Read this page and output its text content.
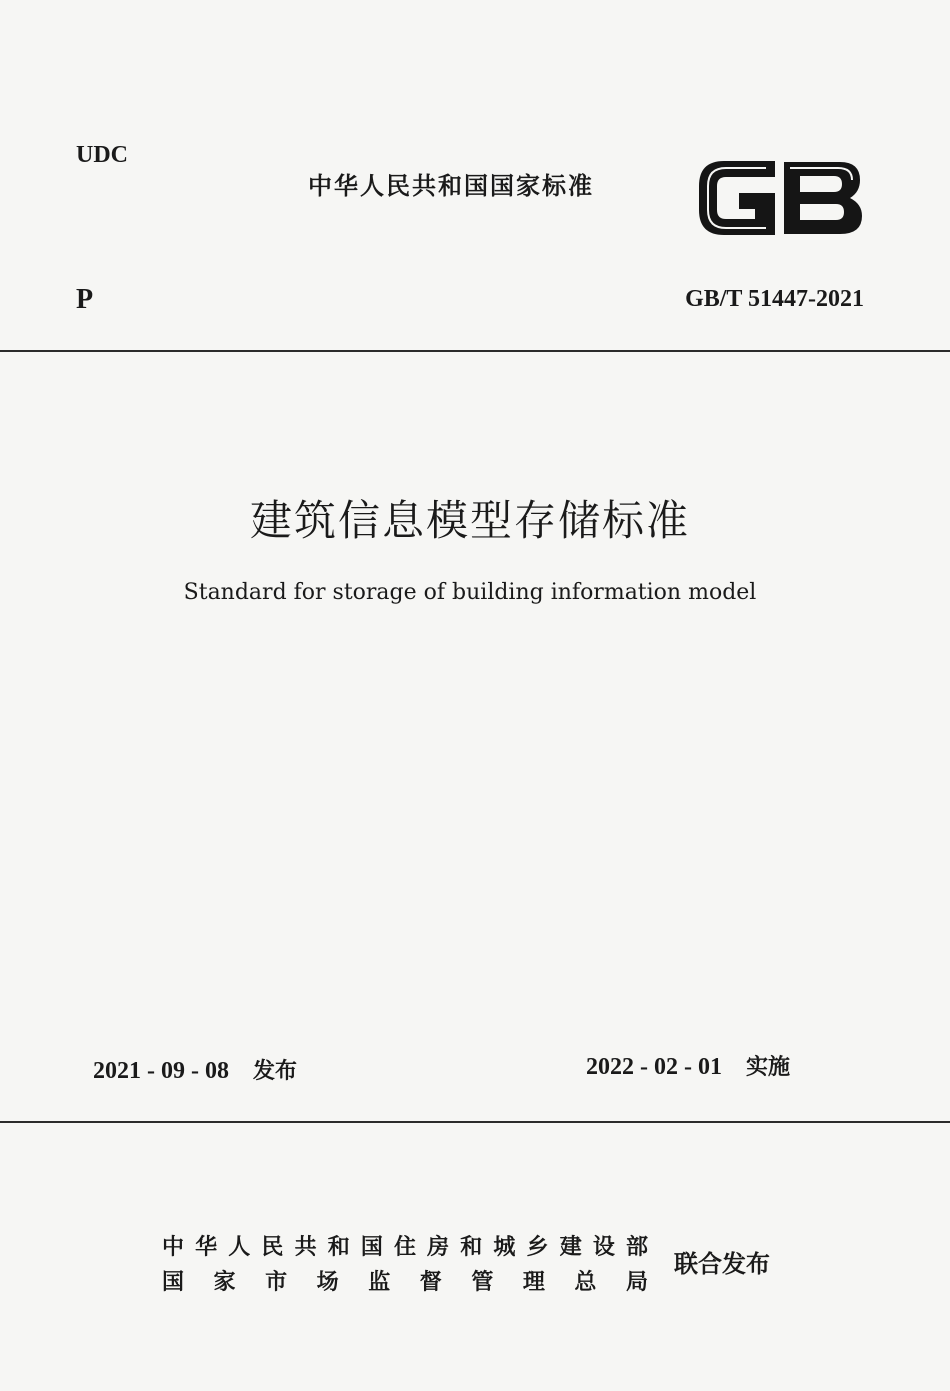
UDC
中华人民共和国国家标准
P	GB/T 51447-2021
建筑信息模型存储标准
Standard for storage of building information model
2021 - 09 - 08 发布	2022 - 02 - 01 实施
中华人民共和国住房和城乡建设部
国家市场监督管理总局
联合发布
